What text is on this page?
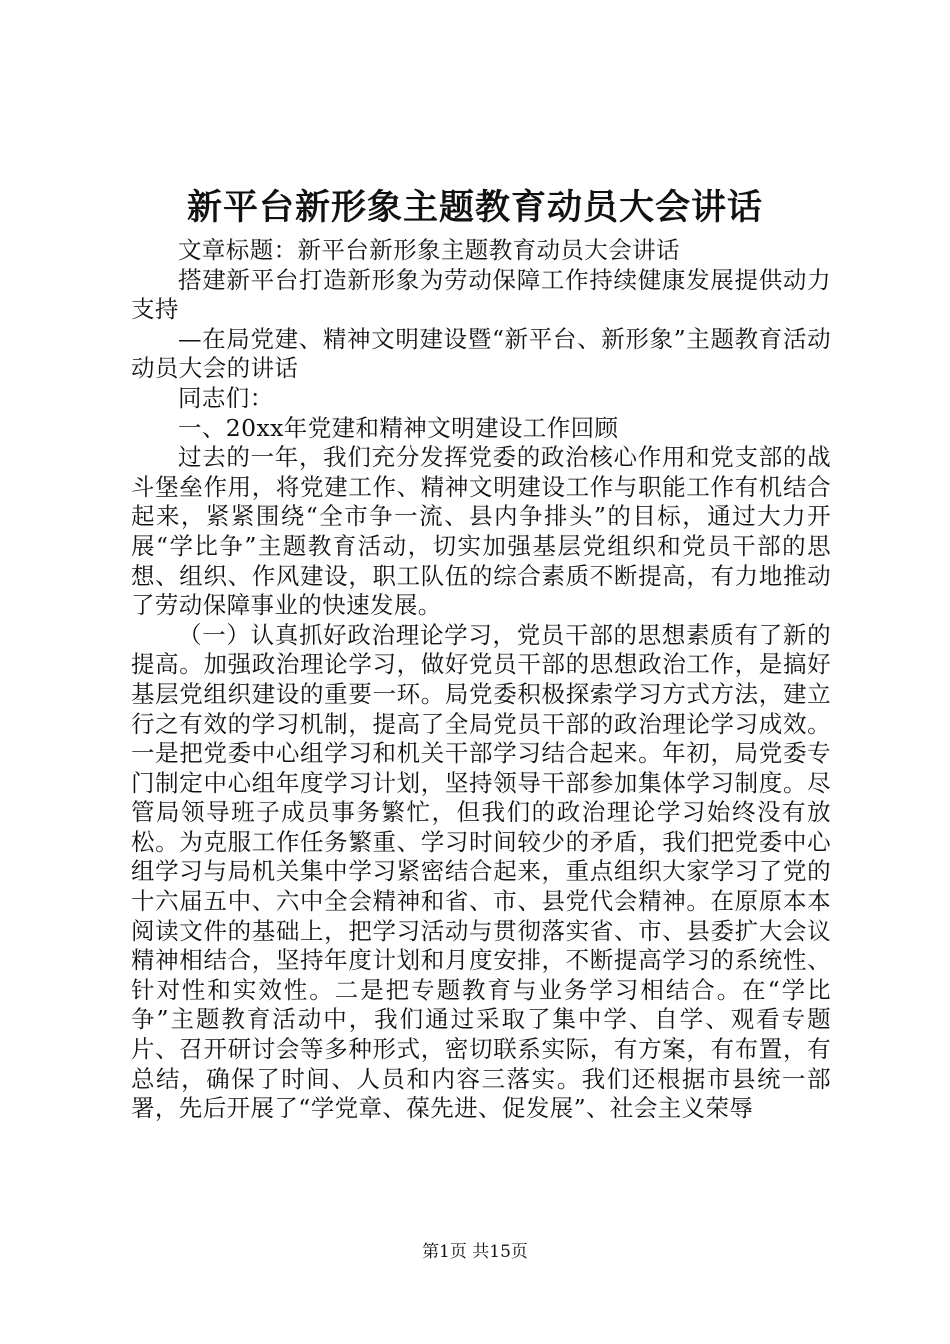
新平台新形象主题教育动员大会讲话

文章标题：新平台新形象主题教育动员大会讲话

搭建新平台打造新形象为劳动保障工作持续健康发展提供动力支持

—在局党建、精神文明建设暨“新平台、新形象”主题教育活动动员大会的讲话

同志们：

一、20xx年党建和精神文明建设工作回顾

过去的一年，我们充分发挥党委的政治核心作用和党支部的战斗堡垒作用，将党建工作、精神文明建设工作与职能工作有机结合起来，紧紧围绕“全市争一流、县内争排头”的目标，通过大力开展“学比争”主题教育活动，切实加强基层党组织和党员干部的思想、组织、作风建设，职工队伍的综合素质不断提高，有力地推动了劳动保障事业的快速发展。

（一）认真抓好政治理论学习，党员干部的思想素质有了新的提高。加强政治理论学习，做好党员干部的思想政治工作，是搞好基层党组织建设的重要一环。局党委积极探索学习方式方法，建立行之有效的学习机制，提高了全局党员干部的政治理论学习成效。一是把党委中心组学习和机关干部学习结合起来。年初，局党委专门制定中心组年度学习计划，坚持领导干部参加集体学习制度。尽管局领导班子成员事务繁忙，但我们的政治理论学习始终没有放松。为克服工作任务繁重、学习时间较少的矛盾，我们把党委中心组学习与局机关集中学习紧密结合起来，重点组织大家学习了党的十六届五中、六中全会精神和省、市、县党代会精神。在原原本本阅读文件的基础上，把学习活动与贯彻落实省、市、县委扩大会议精神相结合，坚持年度计划和月度安排，不断提高学习的系统性、针对性和实效性。二是把专题教育与业务学习相结合。在“学比争”主题教育活动中，我们通过采取了集中学、自学、观看专题片、召开研讨会等多种形式，密切联系实际，有方案，有布置，有总结，确保了时间、人员和内容三落实。我们还根据市县统一部署，先后开展了“学党章、葆先进、促发展”、社会主义荣辱

第1页 共15页
